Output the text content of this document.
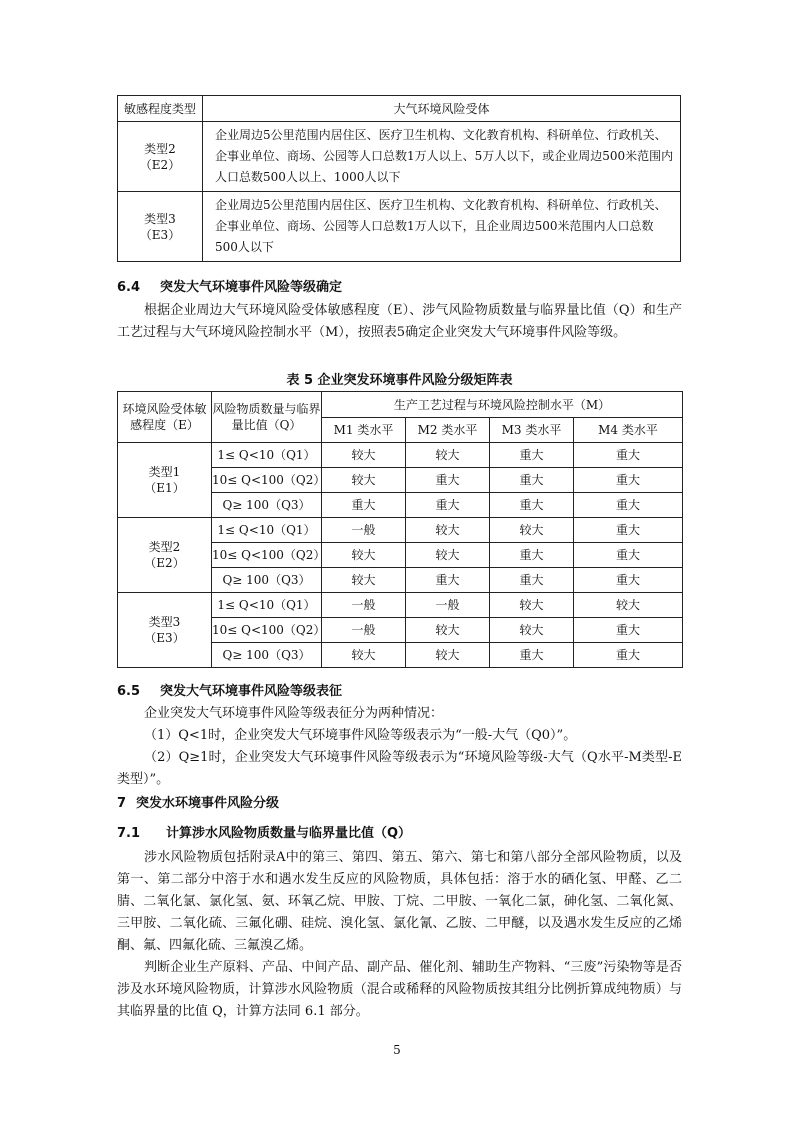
敏感程度类型	大气环境风险受体

类型2
（E2）	企业周边5公里范围内居住区、医疗卫生机构、文化教育机构、科研单位、行政机关、企事业单位、商场、公园等人口总数1万人以上、5万人以下，或企业周边500米范围内人口总数500人以上、1000人以下

类型3
（E3）	企业周边5公里范围内居住区、医疗卫生机构、文化教育机构、科研单位、行政机关、企事业单位、商场、公园等人口总数1万人以下，且企业周边500米范围内人口总数500人以下
6.4 突发大气环境事件风险等级确定

根据企业周边大气环境风险受体敏感程度（E）、涉气风险物质数量与临界量比值（Q）和生产工艺过程与大气环境风险控制水平（M），按照表5确定企业突发大气环境事件风险等级。

表 5 企业突发环境事件风险分级矩阵表
环境风险受体敏感程度（E）	风险物质数量与临界量比值（Q）	生产工艺过程与环境风险控制水平（M）			
		M1 类水平	M2 类水平	M3 类水平	M4 类水平

类型1
（E1）	1≤ Q<10（Q1）	较大	较大	重大	重大
	10≤ Q<100（Q2）	较大	重大	重大	重大
	Q≥ 100（Q3）	重大	重大	重大	重大

类型2
（E2）	1≤ Q<10（Q1）	一般	较大	较大	重大
	10≤ Q<100（Q2）	较大	较大	重大	重大
	Q≥ 100（Q3）	较大	重大	重大	重大

类型3
（E3）	1≤ Q<10（Q1）	一般	一般	较大	较大
	10≤ Q<100（Q2）	一般	较大	较大	重大
	Q≥ 100（Q3）	较大	较大	重大	重大
6.5 突发大气环境事件风险等级表征

企业突发大气环境事件风险等级表征分为两种情况：

（1）Q<1时，企业突发大气环境事件风险等级表示为“一般-大气（Q0）”。

（2）Q≥1时，企业突发大气环境事件风险等级表示为“环境风险等级-大气（Q水平-M类型-E类型）”。

7 突发水环境事件风险分级
7.1 计算涉水风险物质数量与临界量比值（Q）

涉水风险物质包括附录A中的第三、第四、第五、第六、第七和第八部分全部风险物质，以及第一、第二部分中溶于水和遇水发生反应的风险物质，具体包括：溶于水的硒化氢、甲醛、乙二腈、二氧化氯、氯化氢、氨、环氧乙烷、甲胺、丁烷、二甲胺、一氧化二氯，砷化氢、二氧化氮、三甲胺、二氧化硫、三氟化硼、硅烷、溴化氢、氯化氰、乙胺、二甲醚，以及遇水发生反应的乙烯酮、氟、四氟化硫、三氟溴乙烯。

判断企业生产原料、产品、中间产品、副产品、催化剂、辅助生产物料、“三废”污染物等是否涉及水环境风险物质，计算涉水风险物质（混合或稀释的风险物质按其组分比例折算成纯物质）与其临界量的比值 Q，计算方法同 6.1 部分。

5
